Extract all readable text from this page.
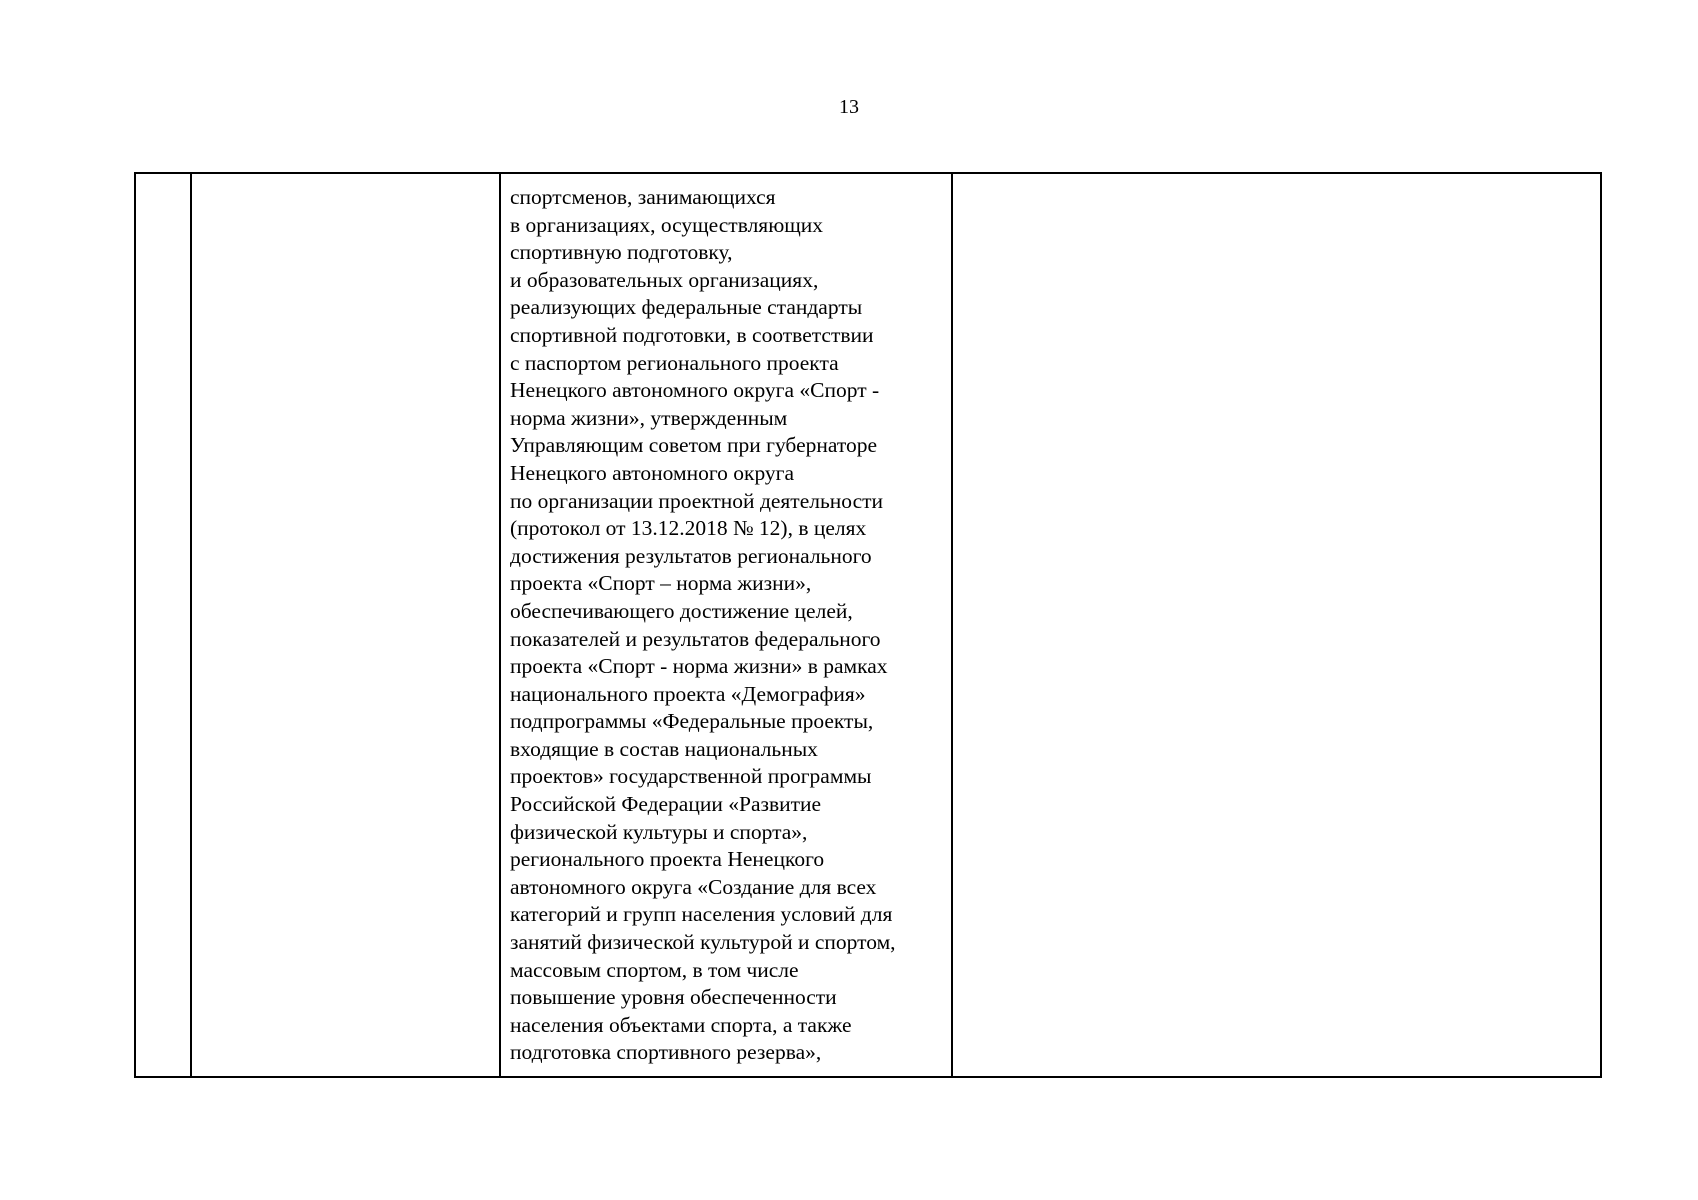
13

спортсменов, занимающихся
в организациях, осуществляющих
спортивную подготовку,
и образовательных организациях,
реализующих федеральные стандарты
спортивной подготовки, в соответствии
с паспортом регионального проекта
Ненецкого автономного округа «Спорт -
норма жизни», утвержденным
Управляющим советом при губернаторе
Ненецкого автономного округа
по организации проектной деятельности
(протокол от 13.12.2018 № 12), в целях
достижения результатов регионального
проекта «Спорт – норма жизни»,
обеспечивающего достижение целей,
показателей и результатов федерального
проекта «Спорт - норма жизни» в рамках
национального проекта «Демография»
подпрограммы «Федеральные проекты,
входящие в состав национальных
проектов» государственной программы
Российской Федерации «Развитие
физической культуры и спорта»,
регионального проекта Ненецкого
автономного округа «Создание для всех
категорий и групп населения условий для
занятий физической культурой и спортом,
массовым спортом, в том числе
повышение уровня обеспеченности
населения объектами спорта, а также
подготовка спортивного резерва»,
